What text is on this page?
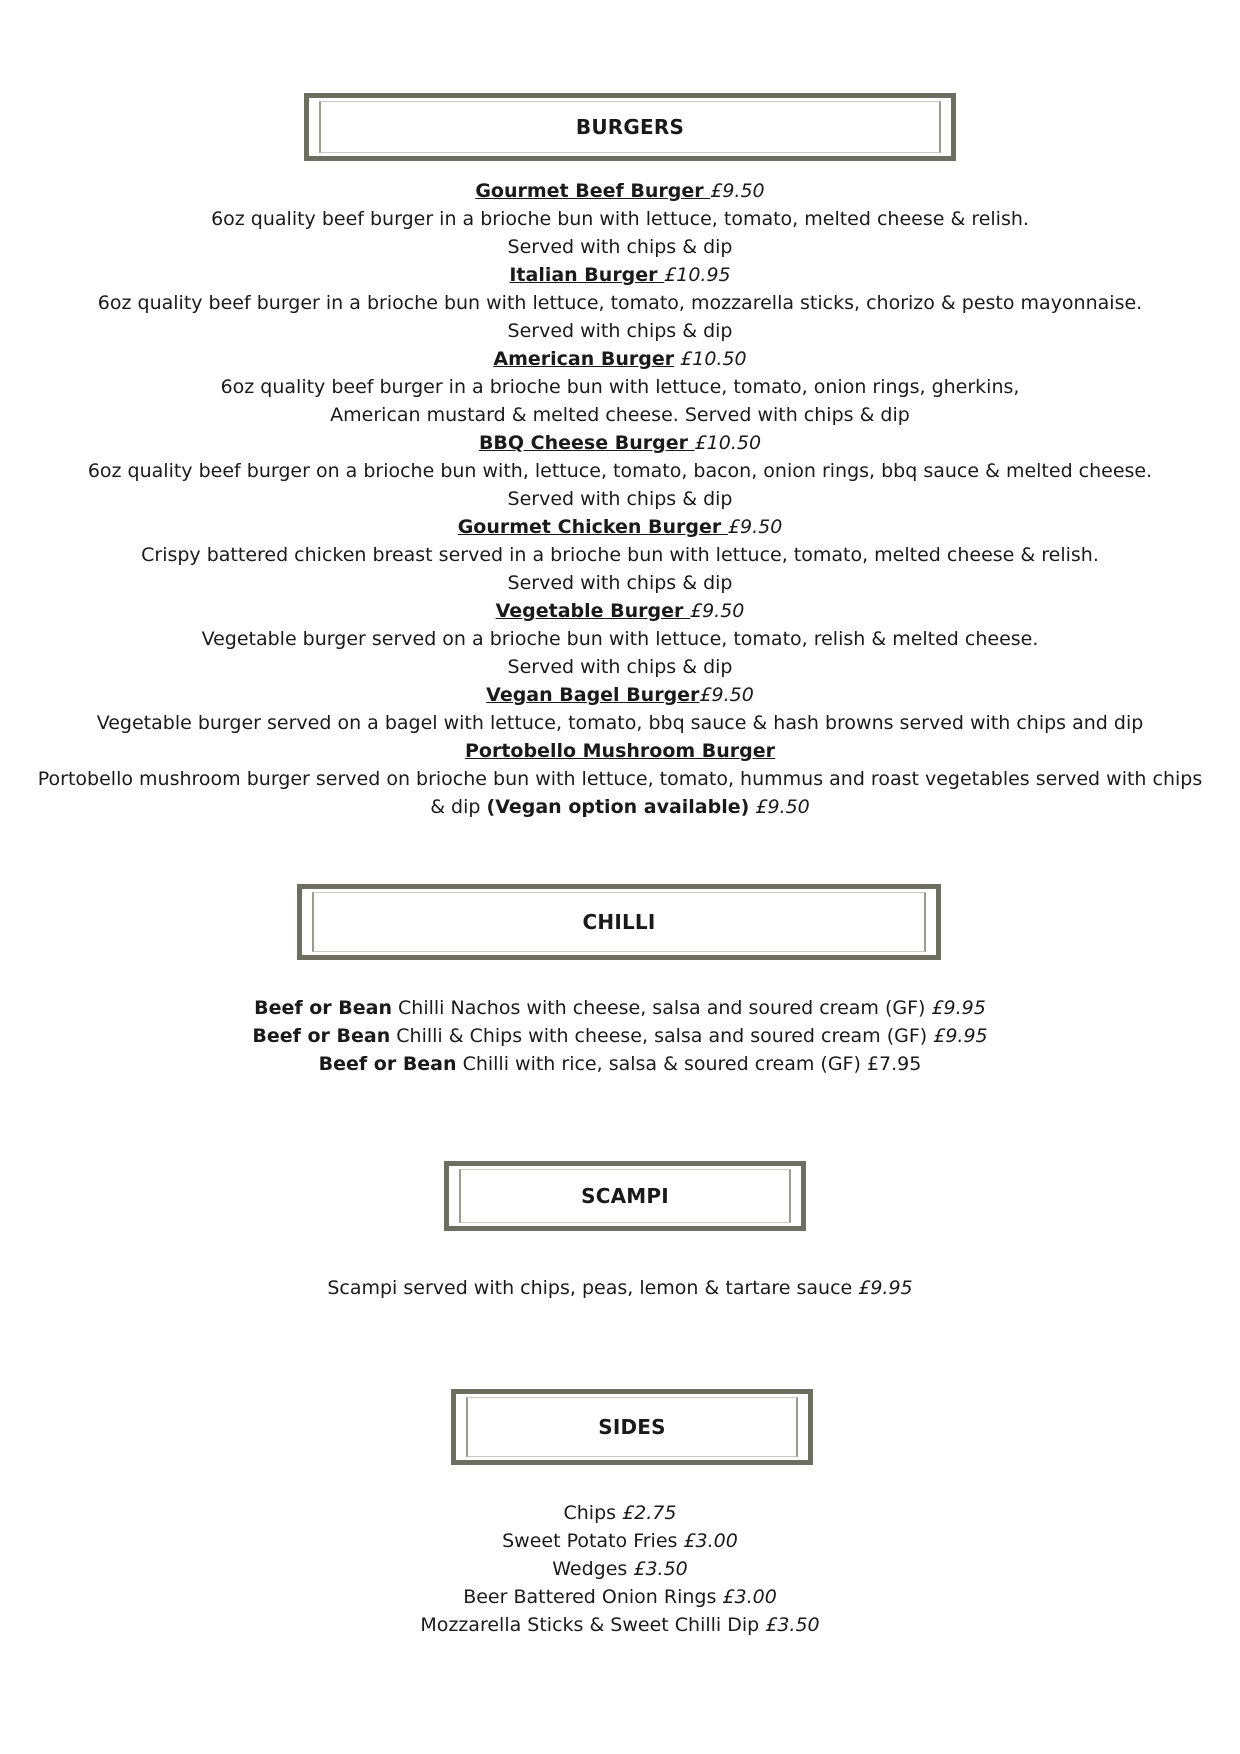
BURGERS
Gourmet Beef Burger £9.50
6oz quality beef burger in a brioche bun with lettuce, tomato, melted cheese & relish.
Served with chips & dip
Italian Burger £10.95
6oz quality beef burger in a brioche bun with lettuce, tomato, mozzarella sticks, chorizo & pesto mayonnaise.
Served with chips & dip
American Burger £10.50
6oz quality beef burger in a brioche bun with lettuce, tomato, onion rings, gherkins,
American mustard & melted cheese. Served with chips & dip
BBQ Cheese Burger £10.50
6oz quality beef burger on a brioche bun with, lettuce, tomato, bacon, onion rings, bbq sauce & melted cheese.
Served with chips & dip
Gourmet Chicken Burger £9.50
Crispy battered chicken breast served in a brioche bun with lettuce, tomato, melted cheese & relish.
Served with chips & dip
Vegetable Burger £9.50
Vegetable burger served on a brioche bun with lettuce, tomato, relish & melted cheese.
Served with chips & dip
Vegan Bagel Burger£9.50
Vegetable burger served on a bagel with lettuce, tomato, bbq sauce & hash browns served with chips and dip
Portobello Mushroom Burger
Portobello mushroom burger served on brioche bun with lettuce, tomato, hummus and roast vegetables served with chips
& dip (Vegan option available) £9.50
CHILLI
Beef or Bean Chilli Nachos with cheese, salsa and soured cream (GF) £9.95
Beef or Bean Chilli & Chips with cheese, salsa and soured cream (GF) £9.95
Beef or Bean Chilli with rice, salsa & soured cream (GF) £7.95
SCAMPI
Scampi served with chips, peas, lemon & tartare sauce £9.95
SIDES
Chips £2.75
Sweet Potato Fries £3.00
Wedges £3.50
Beer Battered Onion Rings £3.00
Mozzarella Sticks & Sweet Chilli Dip £3.50
